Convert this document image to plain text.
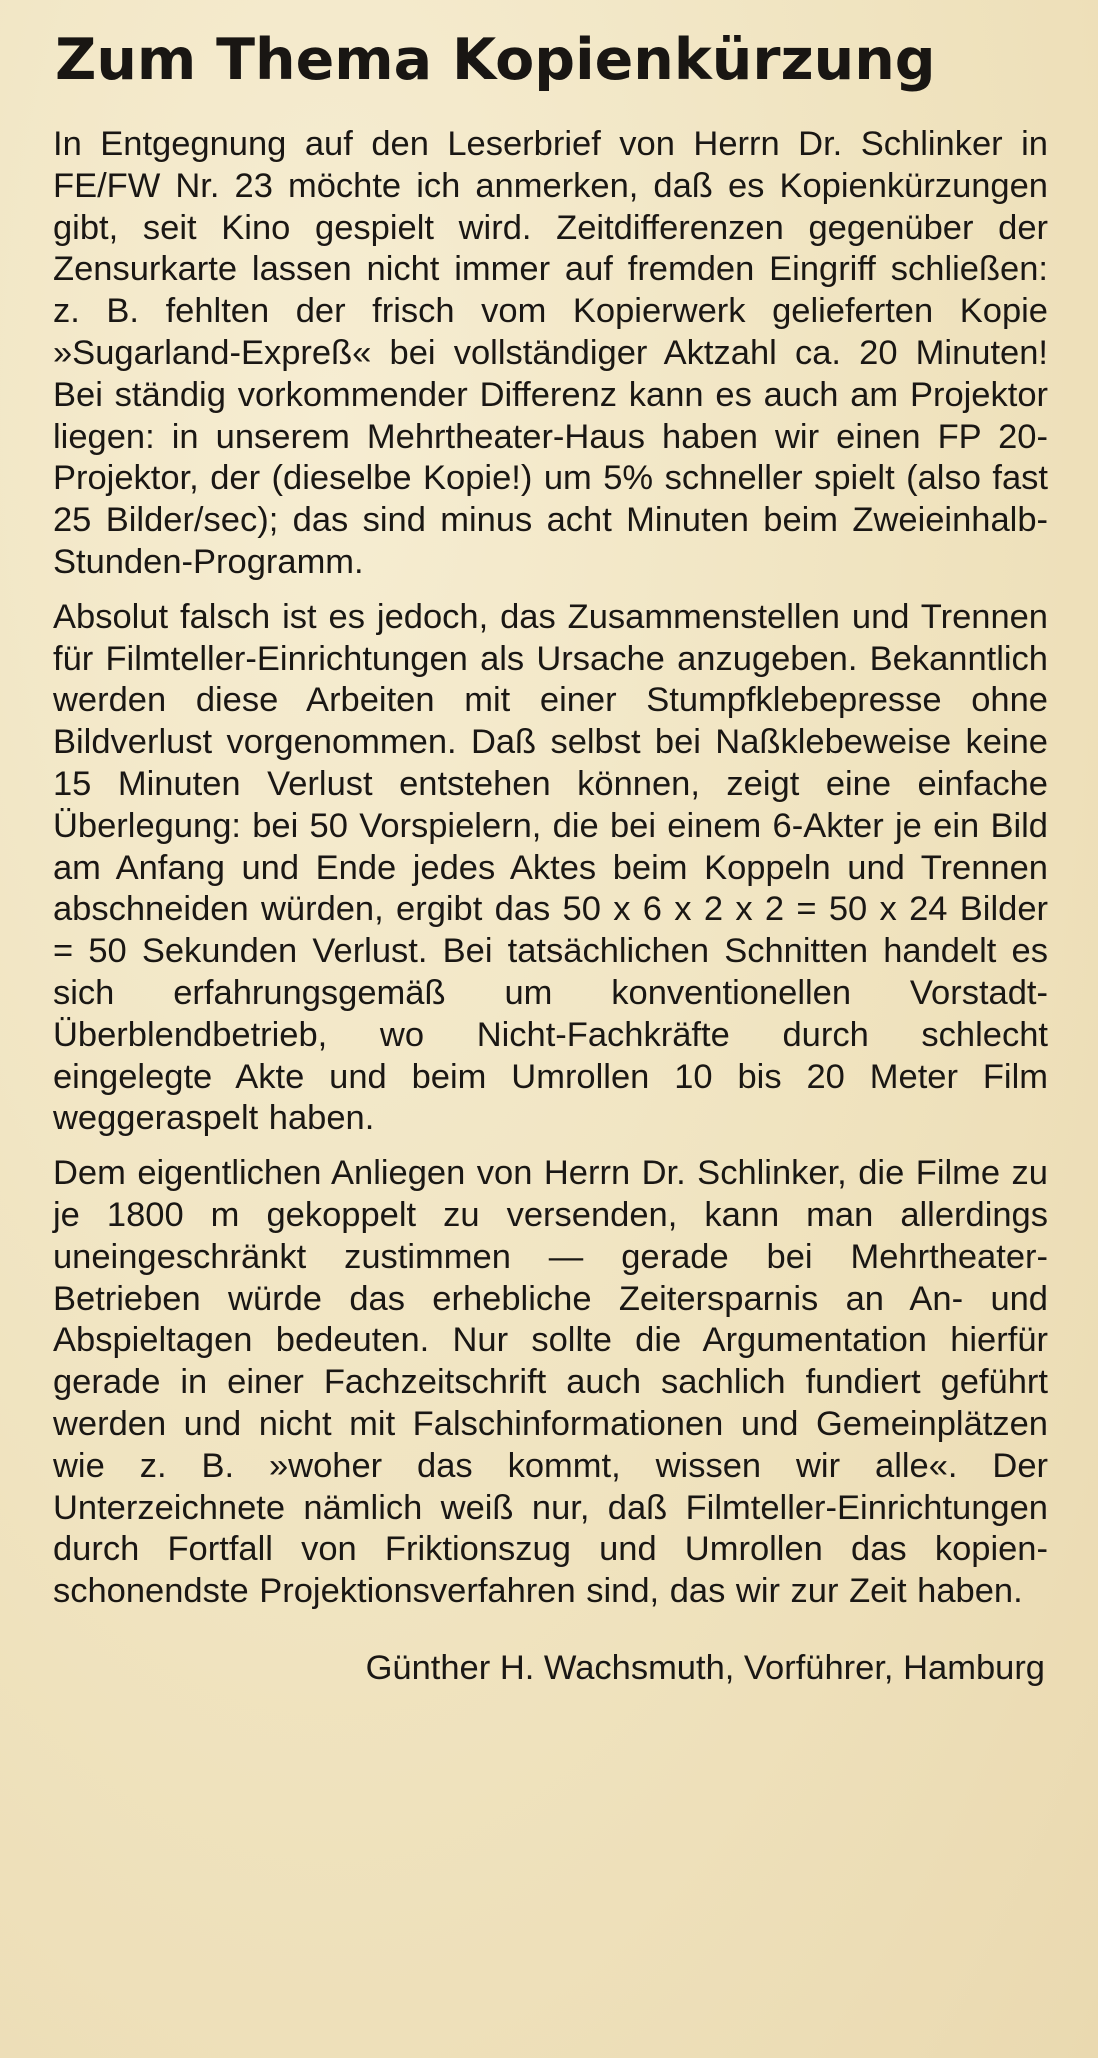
Zum Thema Kopienkürzung

In Entgegnung auf den Leserbrief von Herrn Dr. Schlinker in FE/FW Nr. 23 möchte ich anmerken, daß es Kopienkürzungen gibt, seit Kino gespielt wird. Zeitdifferenzen gegenüber der Zensurkarte lassen nicht immer auf fremden Eingriff schließen: z. B. fehlten der frisch vom Kopierwerk gelieferten Kopie »Sugarland-Expreß« bei vollständiger Aktzahl ca. 20 Minuten! Bei ständig vorkommender Differenz kann es auch am Projektor liegen: in unserem Mehrtheater-Haus haben wir einen FP 20-Projektor, der (dieselbe Kopie!) um 5% schneller spielt (also fast 25 Bilder/sec); das sind minus acht Minuten beim Zweieinhalb-Stunden-Programm.

Absolut falsch ist es jedoch, das Zusammenstellen und Trennen für Filmteller-Einrichtungen als Ursache anzugeben. Bekanntlich werden diese Arbeiten mit einer Stumpfklebepresse ohne Bildverlust vorgenommen. Daß selbst bei Naßklebeweise keine 15 Minuten Verlust entstehen können, zeigt eine einfache Überlegung: bei 50 Vorspielern, die bei einem 6-Akter je ein Bild am Anfang und Ende jedes Aktes beim Koppeln und Trennen abschneiden würden, ergibt das 50 x 6 x 2 x 2 = 50 x 24 Bilder = 50 Sekunden Verlust. Bei tatsächlichen Schnitten handelt es sich erfahrungsgemäß um konventionellen Vorstadt-Überblendbetrieb, wo Nicht-Fachkräfte durch schlecht eingelegte Akte und beim Umrollen 10 bis 20 Meter Film weggeraspelt haben.

Dem eigentlichen Anliegen von Herrn Dr. Schlinker, die Filme zu je 1800 m gekoppelt zu versenden, kann man allerdings uneingeschränkt zustimmen — gerade bei Mehrtheater-Betrieben würde das erhebliche Zeitersparnis an An- und Abspieltagen bedeuten. Nur sollte die Argumentation hierfür gerade in einer Fachzeitschrift auch sachlich fundiert geführt werden und nicht mit Falschinformationen und Gemeinplätzen wie z. B. »woher das kommt, wissen wir alle«. Der Unterzeichnete nämlich weiß nur, daß Filmteller-Einrichtungen durch Fortfall von Friktionszug und Umrollen das kopienschonendste Projektionsverfahren sind, das wir zur Zeit haben.

Günther H. Wachsmuth, Vorführer, Hamburg
